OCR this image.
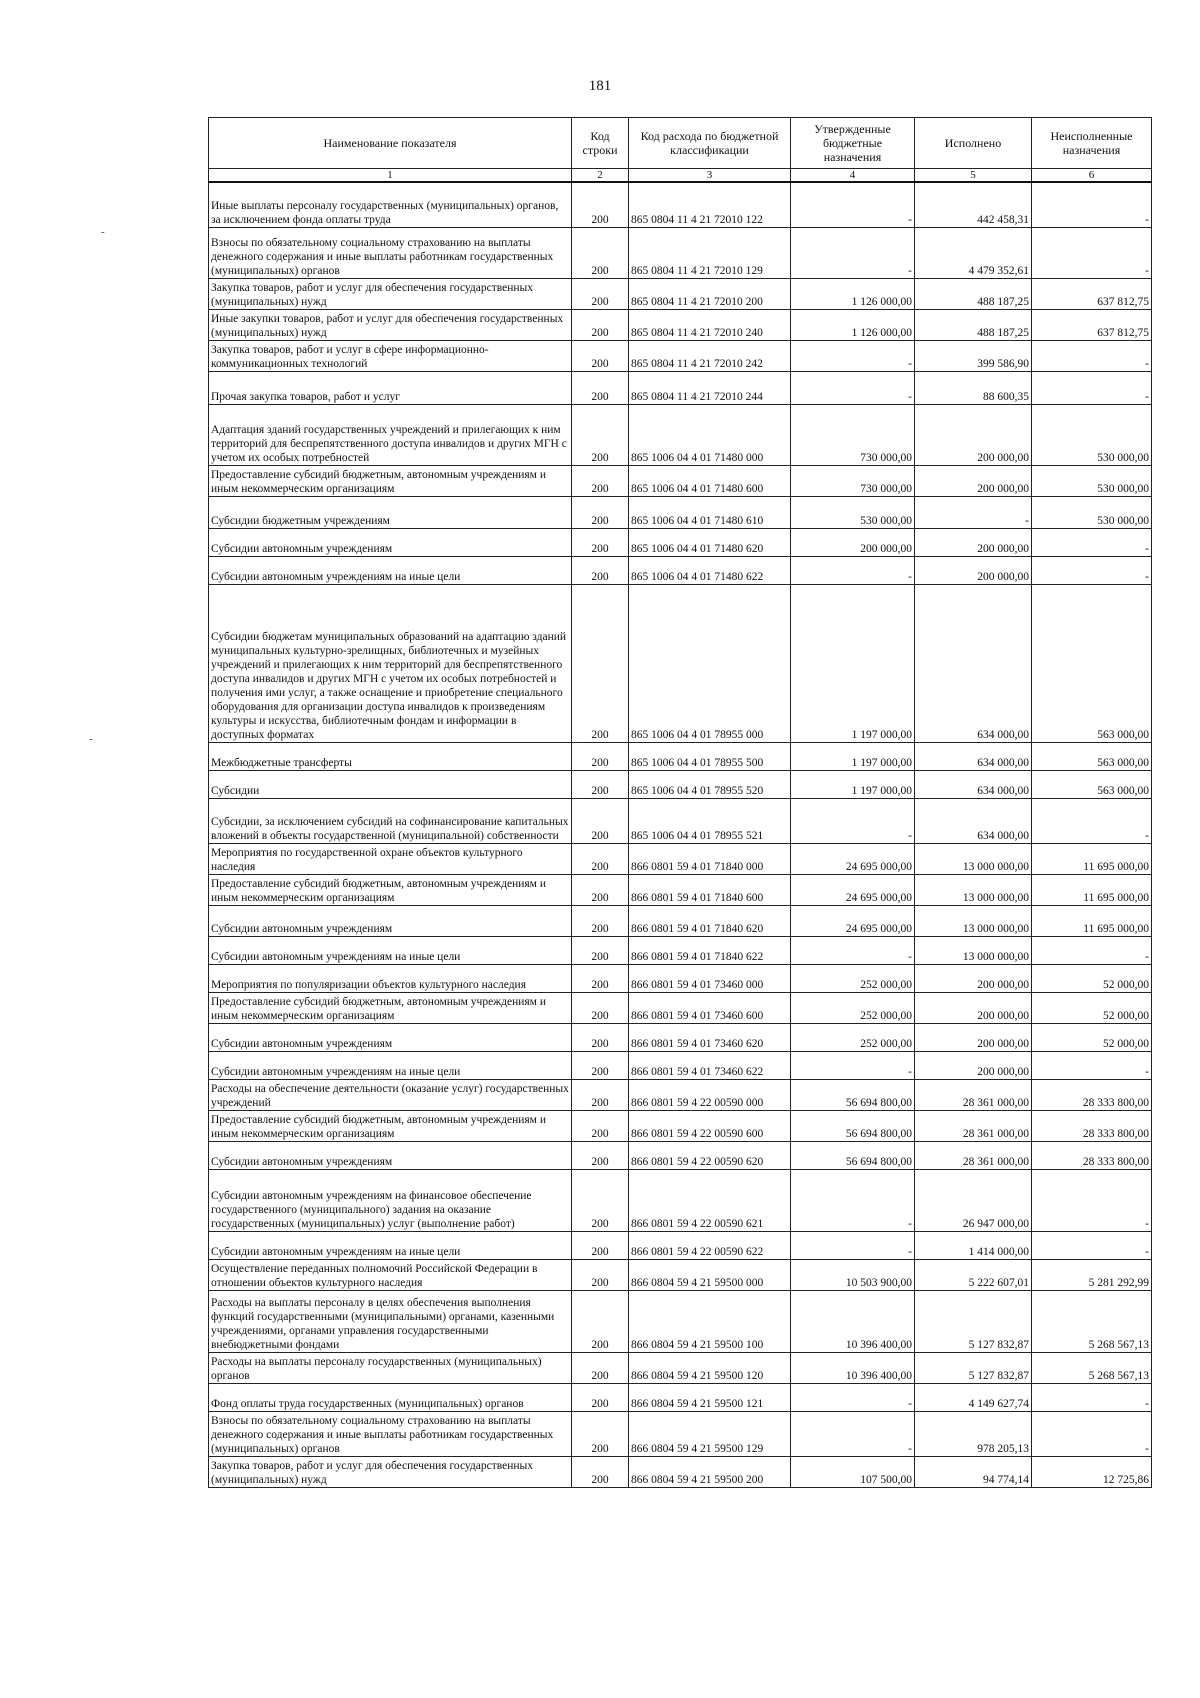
181
-
-
Наименование показателя	Код строки	Код расхода по бюджетной классификации	Утвержденные бюджетные назначения	Исполнено	Неисполненные назначения
1	2	3	4	5	6
Иные выплаты персоналу государственных (муниципальных) органов, за исключением фонда оплаты труда	200	865 0804 11 4 21 72010 122	-	442 458,31	-
Взносы по обязательному социальному страхованию на выплаты денежного содержания и иные выплаты работникам государственных (муниципальных) органов	200	865 0804 11 4 21 72010 129	-	4 479 352,61	-
Закупка товаров, работ и услуг для обеспечения государственных (муниципальных) нужд	200	865 0804 11 4 21 72010 200	1 126 000,00	488 187,25	637 812,75
Иные закупки товаров, работ и услуг для обеспечения государственных (муниципальных) нужд	200	865 0804 11 4 21 72010 240	1 126 000,00	488 187,25	637 812,75
Закупка товаров, работ и услуг в сфере информационно-коммуникационных технологий	200	865 0804 11 4 21 72010 242	-	399 586,90	-
Прочая закупка товаров, работ и услуг	200	865 0804 11 4 21 72010 244	-	88 600,35	-
Адаптация зданий государственных учреждений и прилегающих к ним территорий для беспрепятственного доступа инвалидов и других МГН с учетом их особых потребностей	200	865 1006 04 4 01 71480 000	730 000,00	200 000,00	530 000,00
Предоставление субсидий бюджетным, автономным учреждениям и иным некоммерческим организациям	200	865 1006 04 4 01 71480 600	730 000,00	200 000,00	530 000,00
Субсидии бюджетным учреждениям	200	865 1006 04 4 01 71480 610	530 000,00	-	530 000,00
Субсидии автономным учреждениям	200	865 1006 04 4 01 71480 620	200 000,00	200 000,00	-
Субсидии автономным учреждениям на иные цели	200	865 1006 04 4 01 71480 622	-	200 000,00	-
Субсидии бюджетам муниципальных образований на адаптацию зданий муниципальных культурно-зрелищных, библиотечных и музейных учреждений и прилегающих к ним территорий для беспрепятственного доступа инвалидов и других МГН с учетом их особых потребностей и получения ими услуг, а также оснащение и приобретение специального оборудования для организации доступа инвалидов к произведениям культуры и искусства, библиотечным фондам и информации в доступных форматах	200	865 1006 04 4 01 78955 000	1 197 000,00	634 000,00	563 000,00
Межбюджетные трансферты	200	865 1006 04 4 01 78955 500	1 197 000,00	634 000,00	563 000,00
Субсидии	200	865 1006 04 4 01 78955 520	1 197 000,00	634 000,00	563 000,00
Субсидии, за исключением субсидий на софинансирование капитальных вложений в объекты государственной (муниципальной) собственности	200	865 1006 04 4 01 78955 521	-	634 000,00	-
Мероприятия по государственной охране объектов культурного наследия	200	866 0801 59 4 01 71840 000	24 695 000,00	13 000 000,00	11 695 000,00
Предоставление субсидий бюджетным, автономным учреждениям и иным некоммерческим организациям	200	866 0801 59 4 01 71840 600	24 695 000,00	13 000 000,00	11 695 000,00
Субсидии автономным учреждениям	200	866 0801 59 4 01 71840 620	24 695 000,00	13 000 000,00	11 695 000,00
Субсидии автономным учреждениям на иные цели	200	866 0801 59 4 01 71840 622	-	13 000 000,00	-
Мероприятия по популяризации объектов культурного наследия	200	866 0801 59 4 01 73460 000	252 000,00	200 000,00	52 000,00
Предоставление субсидий бюджетным, автономным учреждениям и иным некоммерческим организациям	200	866 0801 59 4 01 73460 600	252 000,00	200 000,00	52 000,00
Субсидии автономным учреждениям	200	866 0801 59 4 01 73460 620	252 000,00	200 000,00	52 000,00
Субсидии автономным учреждениям на иные цели	200	866 0801 59 4 01 73460 622	-	200 000,00	-
Расходы на обеспечение деятельности (оказание услуг) государственных учреждений	200	866 0801 59 4 22 00590 000	56 694 800,00	28 361 000,00	28 333 800,00
Предоставление субсидий бюджетным, автономным учреждениям и иным некоммерческим организациям	200	866 0801 59 4 22 00590 600	56 694 800,00	28 361 000,00	28 333 800,00
Субсидии автономным учреждениям	200	866 0801 59 4 22 00590 620	56 694 800,00	28 361 000,00	28 333 800,00
Субсидии автономным учреждениям на финансовое обеспечение государственного (муниципального) задания на оказание государственных (муниципальных) услуг (выполнение работ)	200	866 0801 59 4 22 00590 621	-	26 947 000,00	-
Субсидии автономным учреждениям на иные цели	200	866 0801 59 4 22 00590 622	-	1 414 000,00	-
Осуществление переданных полномочий Российской Федерации в отношении объектов культурного наследия	200	866 0804 59 4 21 59500 000	10 503 900,00	5 222 607,01	5 281 292,99
Расходы на выплаты персоналу в целях обеспечения выполнения функций государственными (муниципальными) органами, казенными учреждениями, органами управления государственными внебюджетными фондами	200	866 0804 59 4 21 59500 100	10 396 400,00	5 127 832,87	5 268 567,13
Расходы на выплаты персоналу государственных (муниципальных) органов	200	866 0804 59 4 21 59500 120	10 396 400,00	5 127 832,87	5 268 567,13
Фонд оплаты труда государственных (муниципальных) органов	200	866 0804 59 4 21 59500 121	-	4 149 627,74	-
Взносы по обязательному социальному страхованию на выплаты денежного содержания и иные выплаты работникам государственных (муниципальных) органов	200	866 0804 59 4 21 59500 129	-	978 205,13	-
Закупка товаров, работ и услуг для обеспечения государственных (муниципальных) нужд	200	866 0804 59 4 21 59500 200	107 500,00	94 774,14	12 725,86
